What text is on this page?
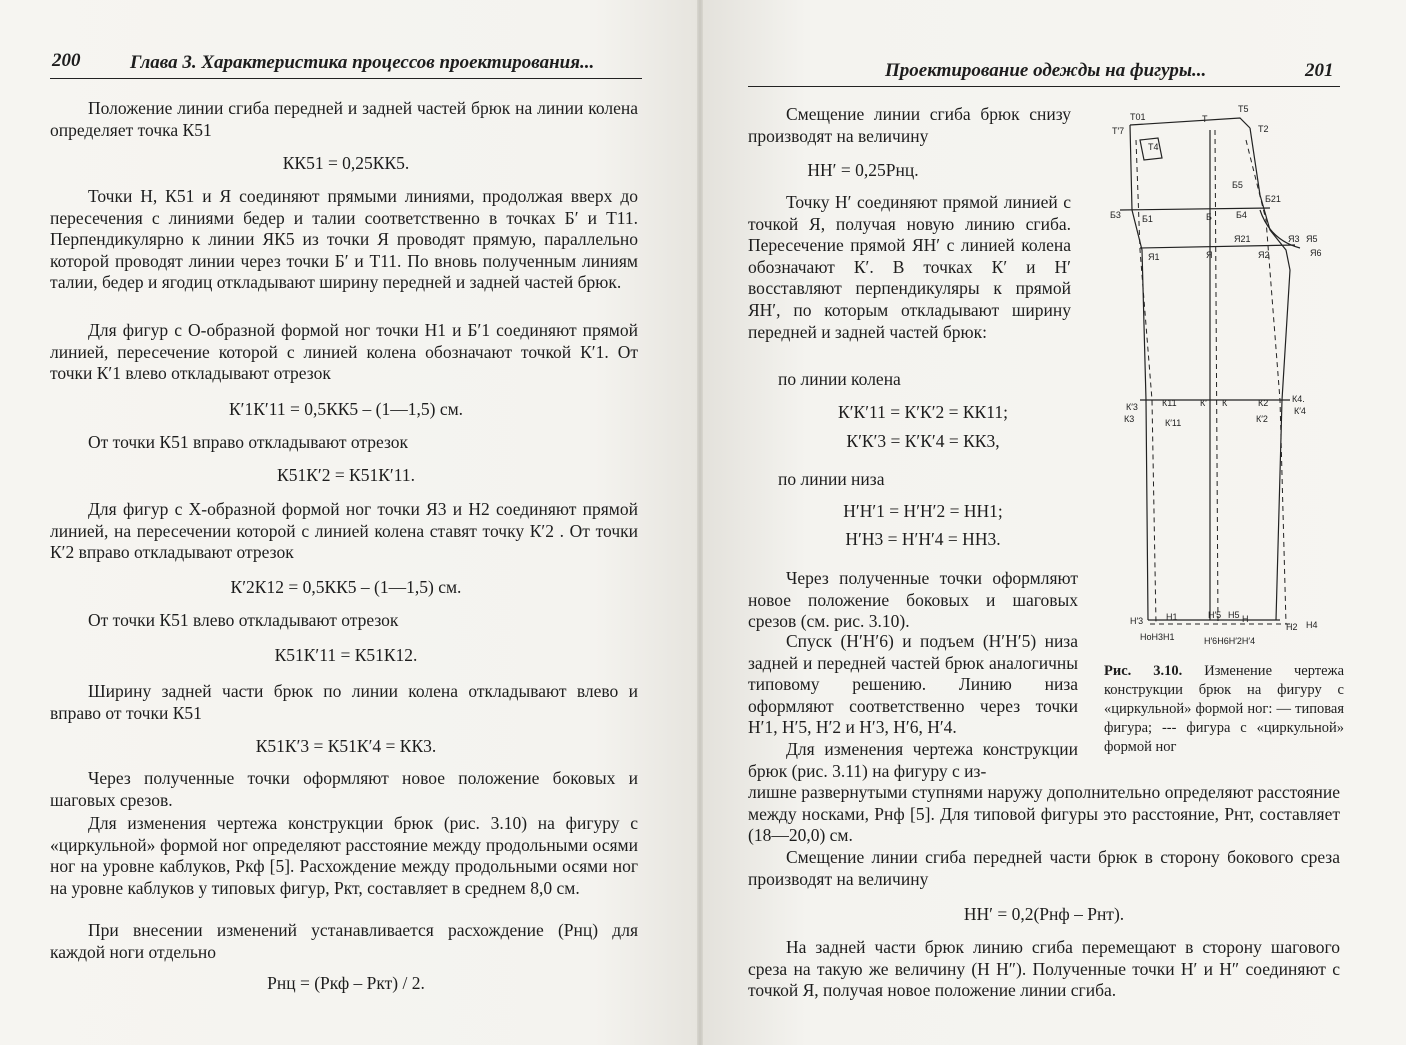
200	Глава 3. Характеристика процессов проектирования...
Положение линии сгиба передней и задней частей брюк на линии колена определяет точка К51
КК51 = 0,25КК5.
Точки Н, К51 и Я соединяют прямыми линиями, продолжая вверх до пересечения с линиями бедер и талии соответственно в точках Б′ и Т11. Перпендикулярно к линии ЯК5 из точки Я проводят прямую, параллельно которой проводят линии через точки Б′ и Т11. По вновь полученным линиям талии, бедер и ягодиц откладывают ширину передней и задней частей брюк.
Для фигур с О-образной формой ног точки Н1 и Б′1 соединяют прямой линией, пересечение которой с линией колена обозначают точкой К′1. От точки К′1 влево откладывают отрезок
К′1К′11 = 0,5КК5 – (1—1,5) см.
От точки К51 вправо откладывают отрезок
К51К′2 = К51К′11.
Для фигур с Х-образной формой ног точки Я3 и Н2 соединяют прямой линией, на пересечении которой с линией колена ставят точку К′2 . От точки К′2 вправо откладывают отрезок
К′2К12 = 0,5КК5 – (1—1,5) см.
От точки К51 влево откладывают отрезок
К51К′11 = К51К12.
Ширину задней части брюк по линии колена откладывают влево и вправо от точки К51
К51К′3 = К51К′4 = КК3.
Через полученные точки оформляют новое положение боковых и шаговых срезов.
Для изменения чертежа конструкции брюк (рис. 3.10) на фигуру с «циркульной» формой ног определяют расстояние между продольными осями ног на уровне каблуков, Ркф [5]. Расхождение между продольными осями ног на уровне каблуков у типовых фигур, Ркт, составляет в среднем 8,0 см.
При внесении изменений устанавливается расхождение (Рнц) для каждой ноги отдельно
Рнц = (Ркф – Ркт) / 2.
Проектирование одежды на фигуры...	201
Смещение линии сгиба брюк снизу производят на величину
НН′ = 0,25Рнц.
Точку Н′ соединяют прямой линией с точкой Я, получая новую линию сгиба. Пересечение прямой ЯН′ с линией колена обозначают К′. В точках К′ и Н′ восставляют перпендикуляры к прямой ЯН′, по которым откладывают ширину передней и задней частей брюк:
по линии колена
К′К′11 = К′К′2 = КК11;
К′К′3 = К′К′4 = КК3,
по линии низа
Н′Н′1 = Н′Н′2 = НН1;
Н′Н3 = Н′Н′4 = НН3.
Через полученные точки оформляют новое положение боковых и шаговых срезов (см. рис. 3.10).
Спуск (Н′Н′6) и подъем (Н′Н′5) низа задней и передней частей брюк аналогичны типовому решению. Линию низа оформляют соответственно через точки Н′1, Н′5, Н′2 и Н′3, Н′6, Н′4.
Для изменения чертежа конструкции брюк (рис. 3.11) на фигуру с из-
лишне развернутыми ступнями наружу дополнительно определяют расстояние между носками, Рнф [5]. Для типовой фигуры это расстояние, Рнт, составляет (18—20,0) см.
Смещение линии сгиба передней части брюк в сторону бокового среза производят на величину
НН′ = 0,2(Рнф – Рнт).
На задней части брюк линию сгиба перемещают в сторону шагового среза на такую же величину (Н Н″). Полученные точки Н′ и Н″ соединяют с точкой Я, получая новое положение линии сгиба.
Т01
Т′7
Т
Т5
Т2
Т4
Б5
Б21
Б3 Б1	Б	Б4
Я21	Я3 Я5
Я6
Я1	Я	Я2
К′3
К3
К11	К′ К	К2	К4.
К′4
К′11	К′2
Н′3	Н1	Н′5 Н5 Н
Н2 Н4
НоН3Н1	Н′6Н6Н′2Н′4
Рис. 3.10. Изменение чертежа конструкции брюк на фигуру с «циркульной» формой ног: — типовая фигура; --- фигура с «циркульной» формой ног
